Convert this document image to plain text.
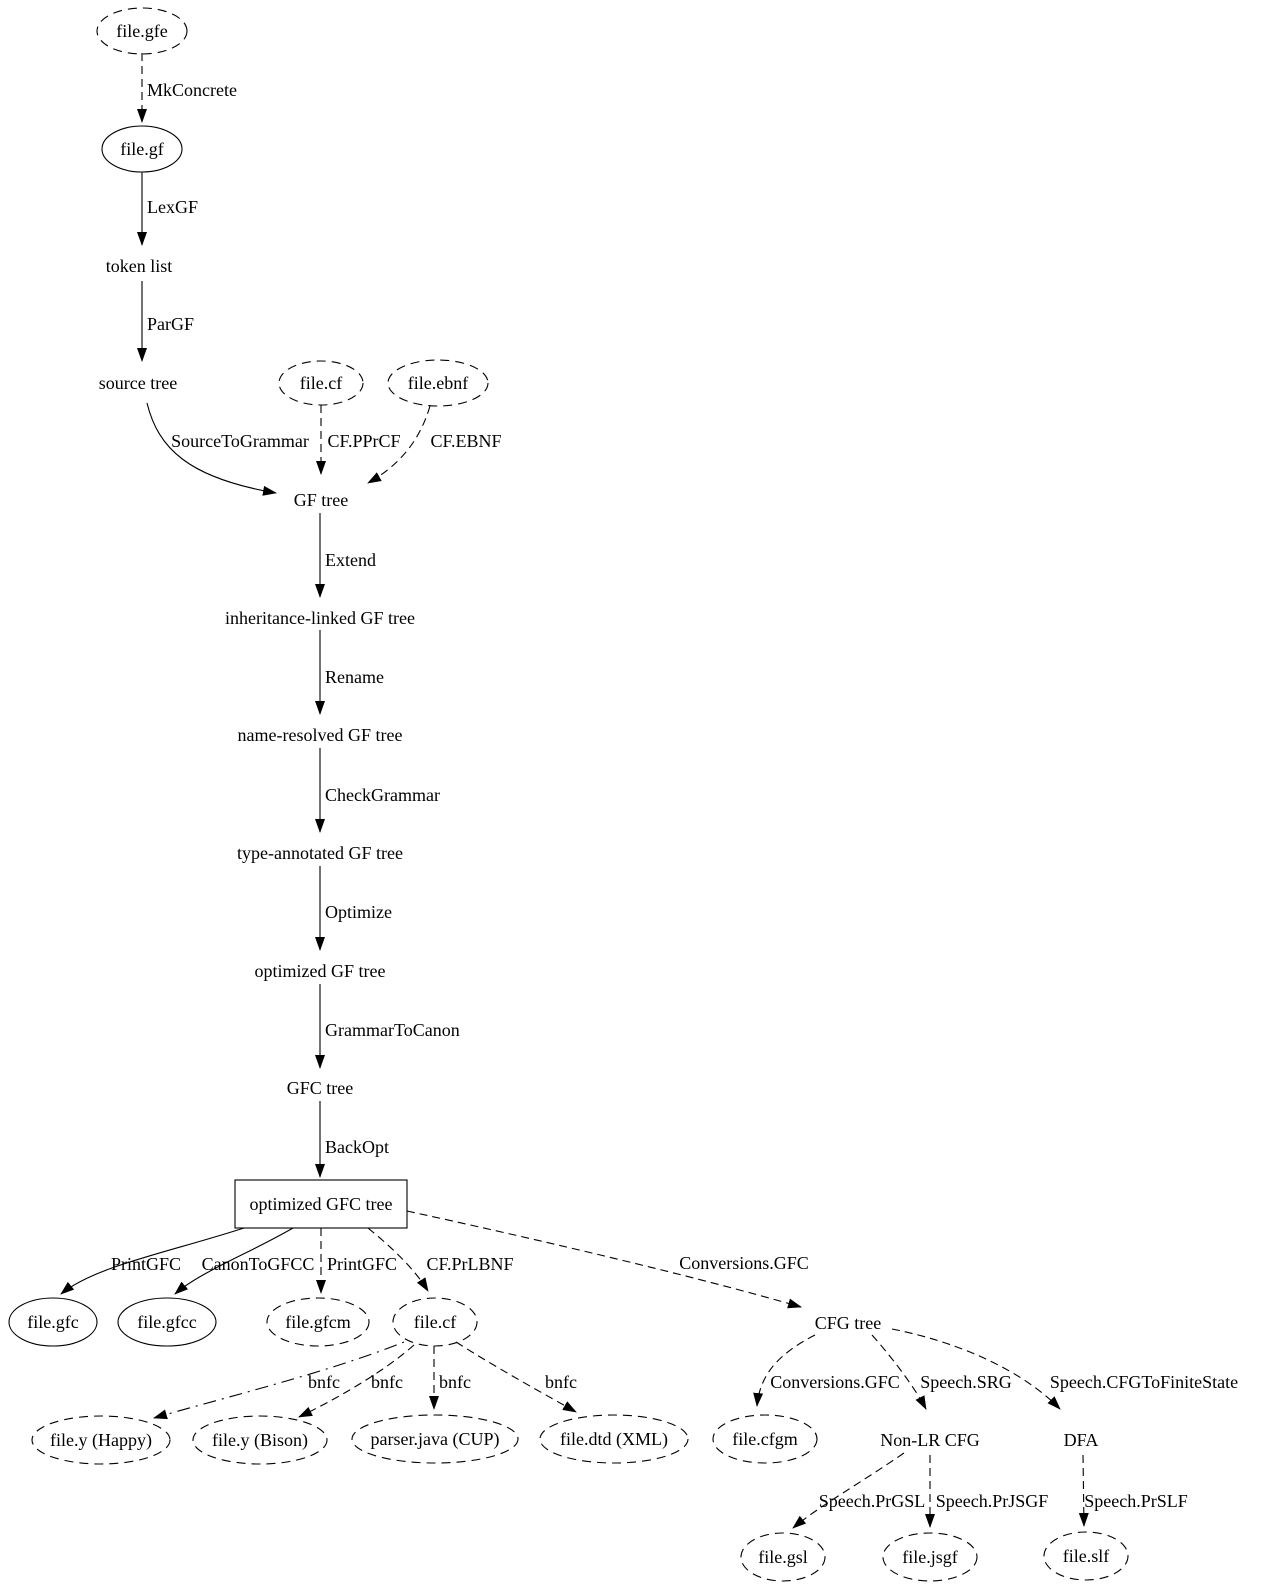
MkConcrete
LexGF
ParGF
SourceToGrammar CF.PPrCF CF.EBNF
Extend
Rename
CheckGrammar
Optimize
GrammarToCanon
BackOpt
PrintGFC CanonToGFCC PrintGFC CF.PrLBNF	Conversions.GFC
bnfc bnfc bnfc	bnfc	Conversions.GFC Speech.SRG Speech.CFGToFiniteState
Speech.PrGSL Speech.PrJSGF Speech.PrSLF
file.gfe
file.gf
token list
source tree	file.cf	file.ebnf
GF tree
inheritance-linked GF tree
name-resolved GF tree
type-annotated GF tree
optimized GF tree
GFC tree
optimized GFC tree
file.gfc	file.gfcc	file.gfcm	file.cf	CFG tree
file.y (Happy)	file.y (Bison)	parser.java (CUP)	file.dtd (XML)	file.cfgm	Non-LR CFG	DFA
file.gsl	file.jsgf	file.slf
